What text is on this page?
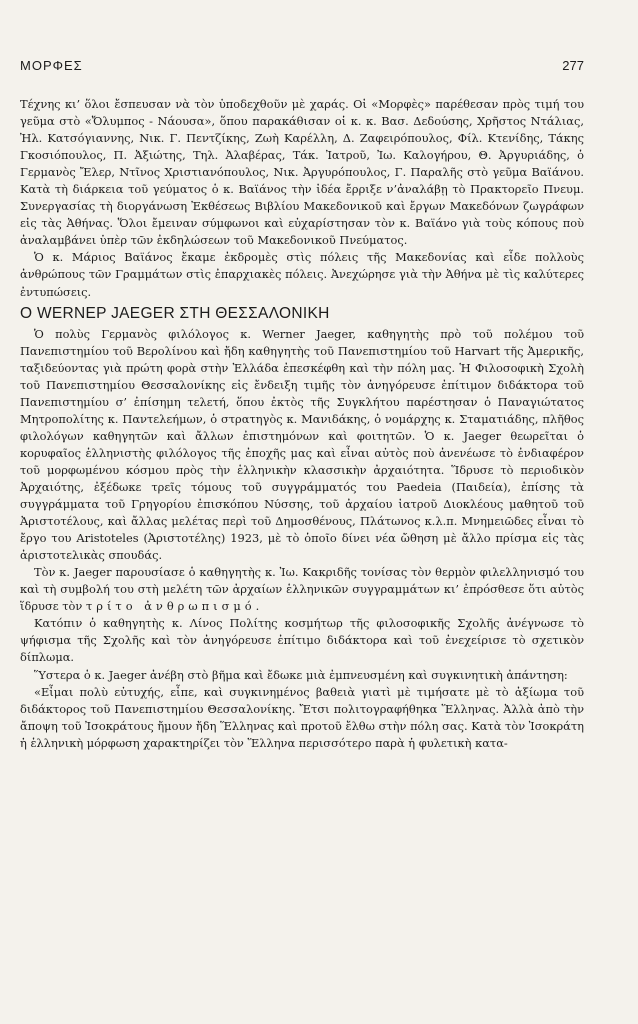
ΜΟΡΦΕΣ	277

Τέχνης κι’ ὅλοι ἔσπευσαν νὰ τὸν ὑποδεχθοῦν μὲ χαράς. Οἱ «Μορφὲς» παρέθεσαν πρὸς τιμή του γεῦμα στὸ «Ὄλυμπος - Νάουσα», ὅπου παρακάθισαν οἱ κ. κ. Βασ. Δεδούσης, Χρῆστος Ντάλιας, Ἠλ. Κατσόγιαννης, Νικ. Γ. Πεντζίκης, Ζωὴ Καρέλλη, Δ. Ζαφειρόπουλος, Φίλ. Κτενίδης, Τάκης Γκοσιόπουλος, Π. Ἀξιώτης, Τηλ. Ἀλαβέρας, Τάκ. Ἰατροῦ, Ἰω. Καλογήρου, Θ. Ἀργυριάδης, ὁ Γερμανὸς Ἔλερ, Ντῖνος Χριστιανόπουλος, Νικ. Ἀργυρόπουλος, Γ. Παραλῆς στὸ γεῦμα Βαϊάνου. Κατὰ τὴ διάρκεια τοῦ γεύματος ὁ κ. Βαϊάνος τὴν ἰδέα ἔρριξε ν’ἀναλάβῃ τὸ Πρακτορεῖο Πνευμ. Συνεργασίας τὴ διοργάνωση Ἐκθέσεως Βιβλίου Μακεδονικοῦ καὶ ἔργων Μακεδόνων ζωγράφων εἰς τὰς Ἀθήνας. Ὅλοι ἔμειναν σύμφωνοι καὶ εὐχαρίστησαν τὸν κ. Βαϊάνο γιὰ τοὺς κόπους ποὺ ἀναλαμβάνει ὑπὲρ τῶν ἐκδηλώσεων τοῦ Μακεδονικοῦ Πνεύματος.

Ὁ κ. Μάριος Βαϊάνος ἔκαμε ἐκδρομὲς στὶς πόλεις τῆς Μακεδονίας καὶ εἶδε πολλοὺς ἀνθρώπους τῶν Γραμμάτων στὶς ἐπαρχιακὲς πόλεις. Ἀνεχώρησε γιὰ τὴν Ἀθήνα μὲ τὶς καλύτερες ἐντυπώσεις.

Ο WERNEP JAEGER ΣΤΗ ΘΕΣΣΑΛΟΝΙΚΗ

Ὁ πολὺς Γερμανὸς φιλόλογος κ. Werner Jaeger, καθηγητὴς πρὸ τοῦ πολέμου τοῦ Πανεπιστημίου τοῦ Βερολίνου καὶ ἤδη καθηγητὴς τοῦ Πανεπιστημίου τοῦ Harvart τῆς Ἀμερικῆς, ταξιδεύοντας γιὰ πρώτη φορὰ στὴν Ἑλλάδα ἐπεσκέφθη καὶ τὴν πόλη μας. Ἡ Φιλοσοφικὴ Σχολὴ τοῦ Πανεπιστημίου Θεσσαλονίκης εἰς ἔνδειξη τιμῆς τὸν ἀνηγόρευσε ἐπίτιμον διδάκτορα τοῦ Πανεπιστημίου σ’ ἐπίσημη τελετή, ὅπου ἐκτὸς τῆς Συγκλήτου παρέστησαν ὁ Παναγιώτατος Μητροπολίτης κ. Παντελεήμων, ὁ στρατηγὸς κ. Μανιδάκης, ὁ νομάρχης κ. Σταματιάδης, πλῆθος φιλολόγων καθηγητῶν καὶ ἄλλων ἐπιστημόνων καὶ φοιτητῶν. Ὁ κ. Jaeger θεωρεῖται ὁ κορυφαῖος ἑλληνιστὴς φιλόλογος τῆς ἐποχῆς μας καὶ εἶναι αὐτὸς ποὺ ἀνενέωσε τὸ ἐνδιαφέρον τοῦ μορφωμένου κόσμου πρὸς τὴν ἑλληνικὴν κλασσικὴν ἀρχαιότητα. Ἵδρυσε τὸ περιοδικὸν Ἀρχαιότης, ἐξέδωκε τρεῖς τόμους τοῦ συγγράμματός του Paedeia (Παιδεία), ἐπίσης τὰ συγγράμματα τοῦ Γρηγορίου ἐπισκόπου Νύσσης, τοῦ ἀρχαίου ἰατροῦ Διοκλέους μαθητοῦ τοῦ Ἀριστοτέλους, καὶ ἄλλας μελέτας περὶ τοῦ Δημοσθένους, Πλάτωνος κ.λ.π. Μνημειῶδες εἶναι τὸ ἔργο του Aristoteles (Ἀριστοτέλης) 1923, μὲ τὸ ὁποῖο δίνει νέα ὤθηση μὲ ἄλλο πρίσμα εἰς τὰς ἀριστοτελικὰς σπουδάς.

Τὸν κ. Jaeger παρουσίασε ὁ καθηγητὴς κ. Ἰω. Κακριδῆς τονίσας τὸν θερμὸν φιλελληνισμό του καὶ τὴ συμβολή του στὴ μελέτη τῶν ἀρχαίων ἑλληνικῶν συγγραμμάτων κι’ ἐπρόσθεσε ὅτι αὐτὸς ἵδρυσε τὸν τρίτο ἀνθρωπισμό.

Κατόπιν ὁ καθηγητὴς κ. Λίνος Πολίτης κοσμήτωρ τῆς φιλοσοφικῆς Σχολῆς ἀνέγνωσε τὸ ψήφισμα τῆς Σχολῆς καὶ τὸν ἀνηγόρευσε ἐπίτιμο διδάκτορα καὶ τοῦ ἐνεχείρισε τὸ σχετικὸν δίπλωμα.

Ὕστερα ὁ κ. Jaeger ἀνέβη στὸ βῆμα καὶ ἔδωκε μιὰ ἐμπνευσμένη καὶ συγκινητικὴ ἀπάντηση:

«Εἶμαι πολὺ εὐτυχής, εἶπε, καὶ συγκινημένος βαθειὰ γιατὶ μὲ τιμήσατε μὲ τὸ ἀξίωμα τοῦ διδάκτορος τοῦ Πανεπιστημίου Θεσσαλονίκης. Ἔτσι πολιτογραφήθηκα Ἕλληνας. Ἀλλὰ ἀπὸ τὴν ἄποψη τοῦ Ἰσοκράτους ἤμουν ἤδη Ἕλληνας καὶ προτοῦ ἔλθω στὴν πόλη σας. Κατὰ τὸν Ἰσοκράτη ἡ ἑλληνικὴ μόρφωση χαρακτηρίζει τὸν Ἕλληνα περισσότερο παρὰ ἡ φυλετικὴ κατα-
